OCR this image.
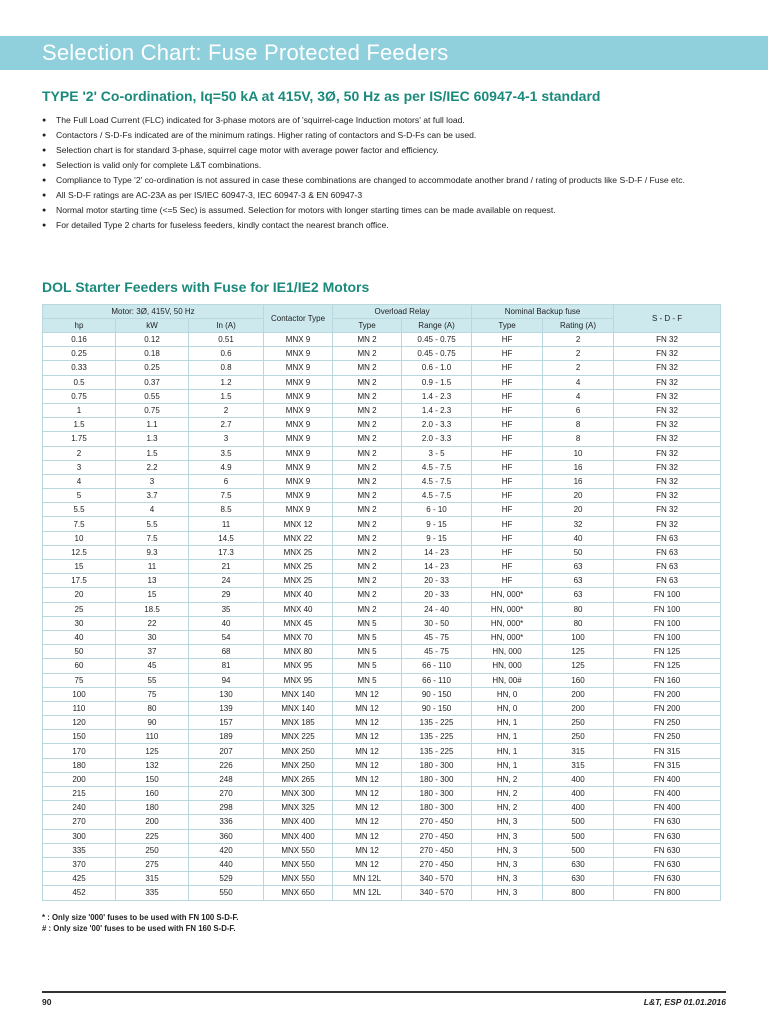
Selection Chart: Fuse Protected Feeders
TYPE '2' Co-ordination, Iq=50 kA at 415V, 3Ø, 50 Hz as per IS/IEC 60947-4-1 standard
● The Full Load Current (FLC) indicated for 3-phase motors are of 'squirrel-cage Induction motors' at full load.
● Contactors / S-D-Fs indicated are of the minimum ratings. Higher rating of contactors and S-D-Fs can be used.
● Selection chart is for standard 3-phase, squirrel cage motor with average power factor and efficiency.
● Selection is valid only for complete L&T combinations.
● Compliance to Type '2' co-ordination is not assured in case these combinations are changed to accommodate another brand / rating of products like S-D-F / Fuse etc.
● All S-D-F ratings are AC-23A as per IS/IEC 60947-3, IEC 60947-3 & EN 60947-3
● Normal motor starting time (<=5 Sec) is assumed. Selection for motors with longer starting times can be made available on request.
● For detailed Type 2 charts for fuseless feeders, kindly contact the nearest branch office.
DOL Starter Feeders with Fuse for IE1/IE2 Motors
Motor: 3Ø, 415V, 50 Hz			Contactor Type	Overload Relay		Nominal Backup fuse		S - D - F
hp	kW	In (A)		Type	Range (A)	Type	Rating (A)	
0.16	0.12	0.51	MNX 9	MN 2	0.45 - 0.75	HF	2	FN 32
0.25	0.18	0.6	MNX 9	MN 2	0.45 - 0.75	HF	2	FN 32
0.33	0.25	0.8	MNX 9	MN 2	0.6 - 1.0	HF	2	FN 32
0.5	0.37	1.2	MNX 9	MN 2	0.9 - 1.5	HF	4	FN 32
0.75	0.55	1.5	MNX 9	MN 2	1.4 - 2.3	HF	4	FN 32
1	0.75	2	MNX 9	MN 2	1.4 - 2.3	HF	6	FN 32
1.5	1.1	2.7	MNX 9	MN 2	2.0 - 3.3	HF	8	FN 32
1.75	1.3	3	MNX 9	MN 2	2.0 - 3.3	HF	8	FN 32
2	1.5	3.5	MNX 9	MN 2	3 - 5	HF	10	FN 32
3	2.2	4.9	MNX 9	MN 2	4.5 - 7.5	HF	16	FN 32
4	3	6	MNX 9	MN 2	4.5 - 7.5	HF	16	FN 32
5	3.7	7.5	MNX 9	MN 2	4.5 - 7.5	HF	20	FN 32
5.5	4	8.5	MNX 9	MN 2	6 - 10	HF	20	FN 32
7.5	5.5	11	MNX 12	MN 2	9 - 15	HF	32	FN 32
10	7.5	14.5	MNX 22	MN 2	9 - 15	HF	40	FN 63
12.5	9.3	17.3	MNX 25	MN 2	14 - 23	HF	50	FN 63
15	11	21	MNX 25	MN 2	14 - 23	HF	63	FN 63
17.5	13	24	MNX 25	MN 2	20 - 33	HF	63	FN 63
20	15	29	MNX 40	MN 2	20 - 33	HN, 000*	63	FN 100
25	18.5	35	MNX 40	MN 2	24 - 40	HN, 000*	80	FN 100
30	22	40	MNX 45	MN 5	30 - 50	HN, 000*	80	FN 100
40	30	54	MNX 70	MN 5	45 - 75	HN, 000*	100	FN 100
50	37	68	MNX 80	MN 5	45 - 75	HN, 000	125	FN 125
60	45	81	MNX 95	MN 5	66 - 110	HN, 000	125	FN 125
75	55	94	MNX 95	MN 5	66 - 110	HN, 00#	160	FN 160
100	75	130	MNX 140	MN 12	90 - 150	HN, 0	200	FN 200
110	80	139	MNX 140	MN 12	90 - 150	HN, 0	200	FN 200
120	90	157	MNX 185	MN 12	135 - 225	HN, 1	250	FN 250
150	110	189	MNX 225	MN 12	135 - 225	HN, 1	250	FN 250
170	125	207	MNX 250	MN 12	135 - 225	HN, 1	315	FN 315
180	132	226	MNX 250	MN 12	180 - 300	HN, 1	315	FN 315
200	150	248	MNX 265	MN 12	180 - 300	HN, 2	400	FN 400
215	160	270	MNX 300	MN 12	180 - 300	HN, 2	400	FN 400
240	180	298	MNX 325	MN 12	180 - 300	HN, 2	400	FN 400
270	200	336	MNX 400	MN 12	270 - 450	HN, 3	500	FN 630
300	225	360	MNX 400	MN 12	270 - 450	HN, 3	500	FN 630
335	250	420	MNX 550	MN 12	270 - 450	HN, 3	500	FN 630
370	275	440	MNX 550	MN 12	270 - 450	HN, 3	630	FN 630
425	315	529	MNX 550	MN 12L	340 - 570	HN, 3	630	FN 630
452	335	550	MNX 650	MN 12L	340 - 570	HN, 3	800	FN 800
* : Only size '000' fuses to be used with FN 100 S-D-F.
# : Only size '00' fuses to be used with FN 160 S-D-F.
90	L&T, ESP 01.01.2016
